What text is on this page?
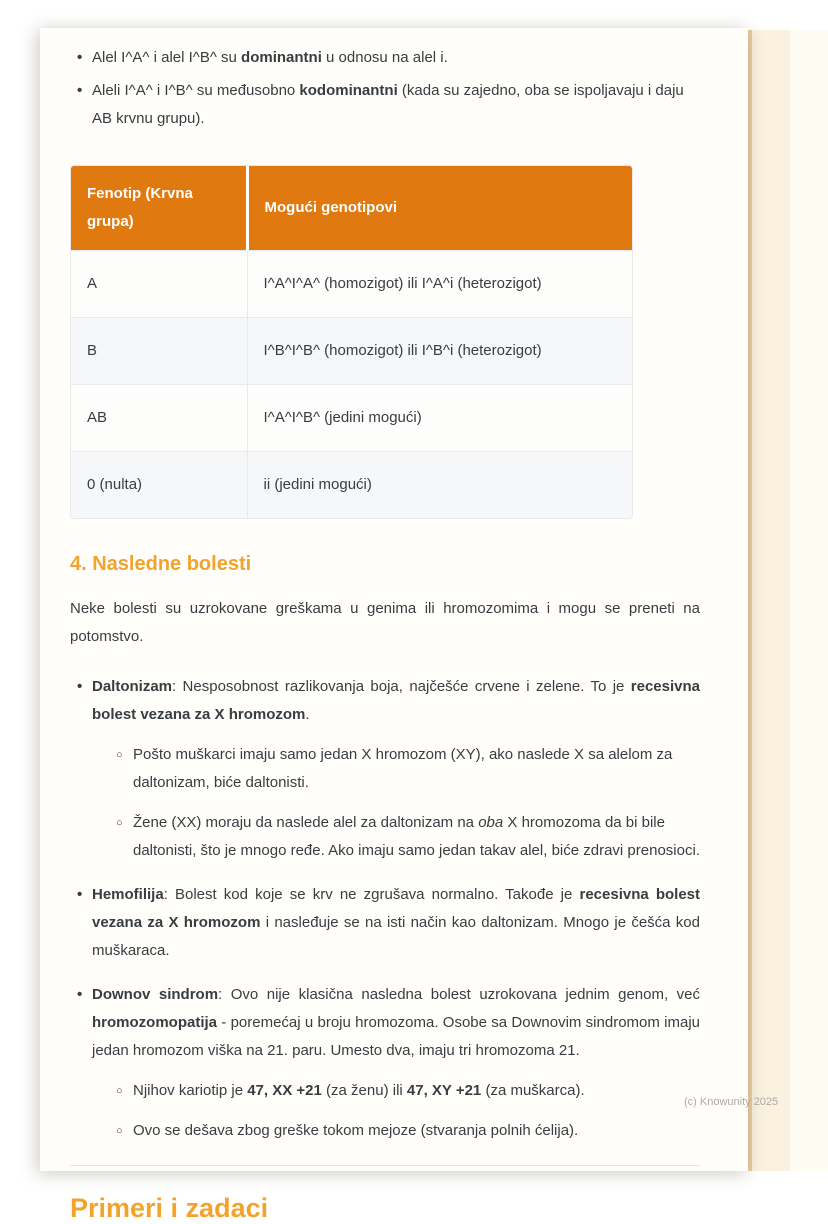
• Alel I^A^ i alel I^B^ su dominantni u odnosu na alel i.
• Aleli I^A^ i I^B^ su međusobno kodominantni (kada su zajedno, oba se ispoljavaju i daju AB krvnu grupu).
Fenotip (Krvna grupa)	Mogući genotipovi
A	I^A^I^A^ (homozigot) ili I^A^i (heterozigot)
B	I^B^I^B^ (homozigot) ili I^B^i (heterozigot)
AB	I^A^I^B^ (jedini mogući)
0 (nulta)	ii (jedini mogući)
4. Nasledne bolesti

Neke bolesti su uzrokovane greškama u genima ili hromozomima i mogu se preneti na potomstvo.

• Daltonizam: Nesposobnost razlikovanja boja, najčešće crvene i zelene. To je recesivna bolest vezana za X hromozom.
○ Pošto muškarci imaju samo jedan X hromozom (XY), ako naslede X sa alelom za daltonizam, biće daltonisti.
○ Žene (XX) moraju da naslede alel za daltonizam na oba X hromozoma da bi bile daltonisti, što je mnogo ređe. Ako imaju samo jedan takav alel, biće zdravi prenosioci.
• Hemofilija: Bolest kod koje se krv ne zgrušava normalno. Takođe je recesivna bolest vezana za X hromozom i nasleđuje se na isti način kao daltonizam. Mnogo je češća kod muškaraca.
• Downov sindrom: Ovo nije klasična nasledna bolest uzrokovana jednim genom, već hromozomopatija - poremećaj u broju hromozoma. Osobe sa Downovim sindromom imaju jedan hromozom viška na 21. paru. Umesto dva, imaju tri hromozoma 21.
○ Njihov kariotip je 47, XX +21 (za ženu) ili 47, XY +21 (za muškarca).
○ Ovo se dešava zbog greške tokom mejoze (stvaranja polnih ćelija).
Primeri i zadaci
(c) Knowunity 2025
